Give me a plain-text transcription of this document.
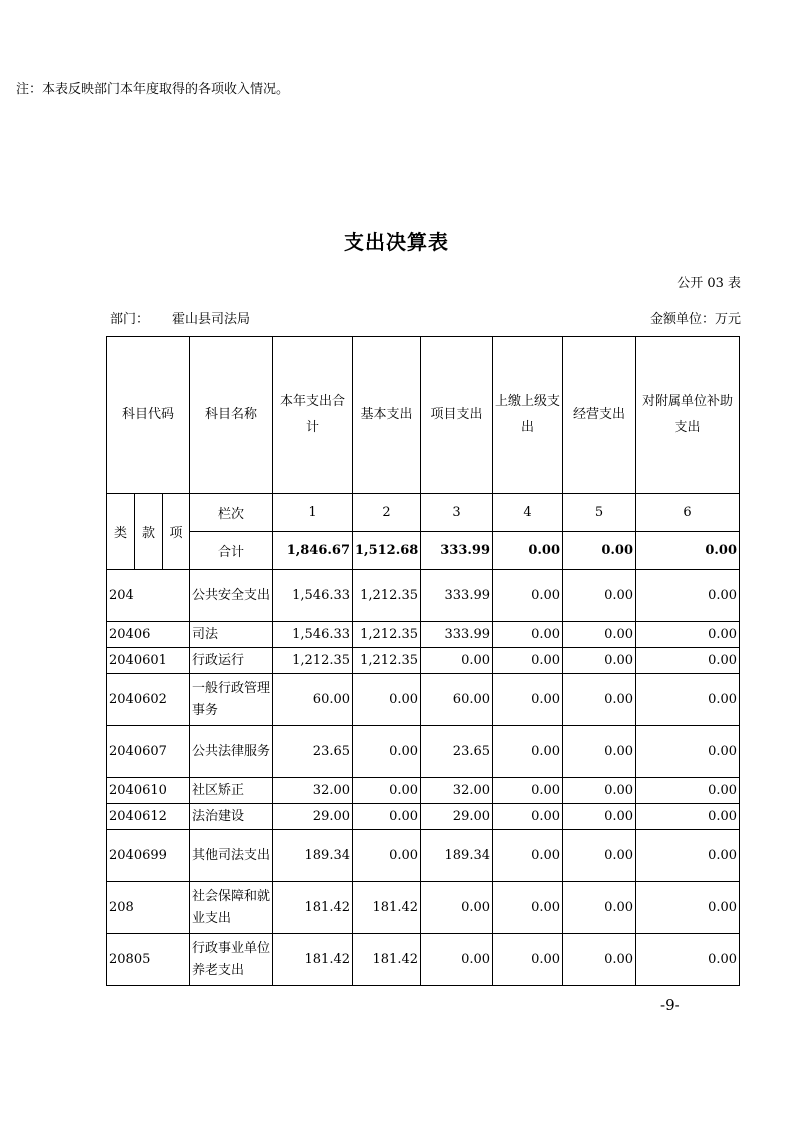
注：本表反映部门本年度取得的各项收入情况。
支出决算表
公开 03 表
部门： 霍山县司法局	金额单位：万元
科目代码			科目名称	本年支出合计	基本支出	项目支出	上缴上级支出	经营支出	对附属单位补助支出
类	款	项	栏次	1	2	3	4	5	6
			合计	1,846.67	1,512.68	333.99	0.00	0.00	0.00
204			公共安全支出	1,546.33	1,212.35	333.99	0.00	0.00	0.00
20406			司法	1,546.33	1,212.35	333.99	0.00	0.00	0.00
2040601			行政运行	1,212.35	1,212.35	0.00	0.00	0.00	0.00
2040602			一般行政管理事务	60.00	0.00	60.00	0.00	0.00	0.00
2040607			公共法律服务	23.65	0.00	23.65	0.00	0.00	0.00
2040610			社区矫正	32.00	0.00	32.00	0.00	0.00	0.00
2040612			法治建设	29.00	0.00	29.00	0.00	0.00	0.00
2040699			其他司法支出	189.34	0.00	189.34	0.00	0.00	0.00
208			社会保障和就业支出	181.42	181.42	0.00	0.00	0.00	0.00
20805			行政事业单位养老支出	181.42	181.42	0.00	0.00	0.00	0.00
-9-
